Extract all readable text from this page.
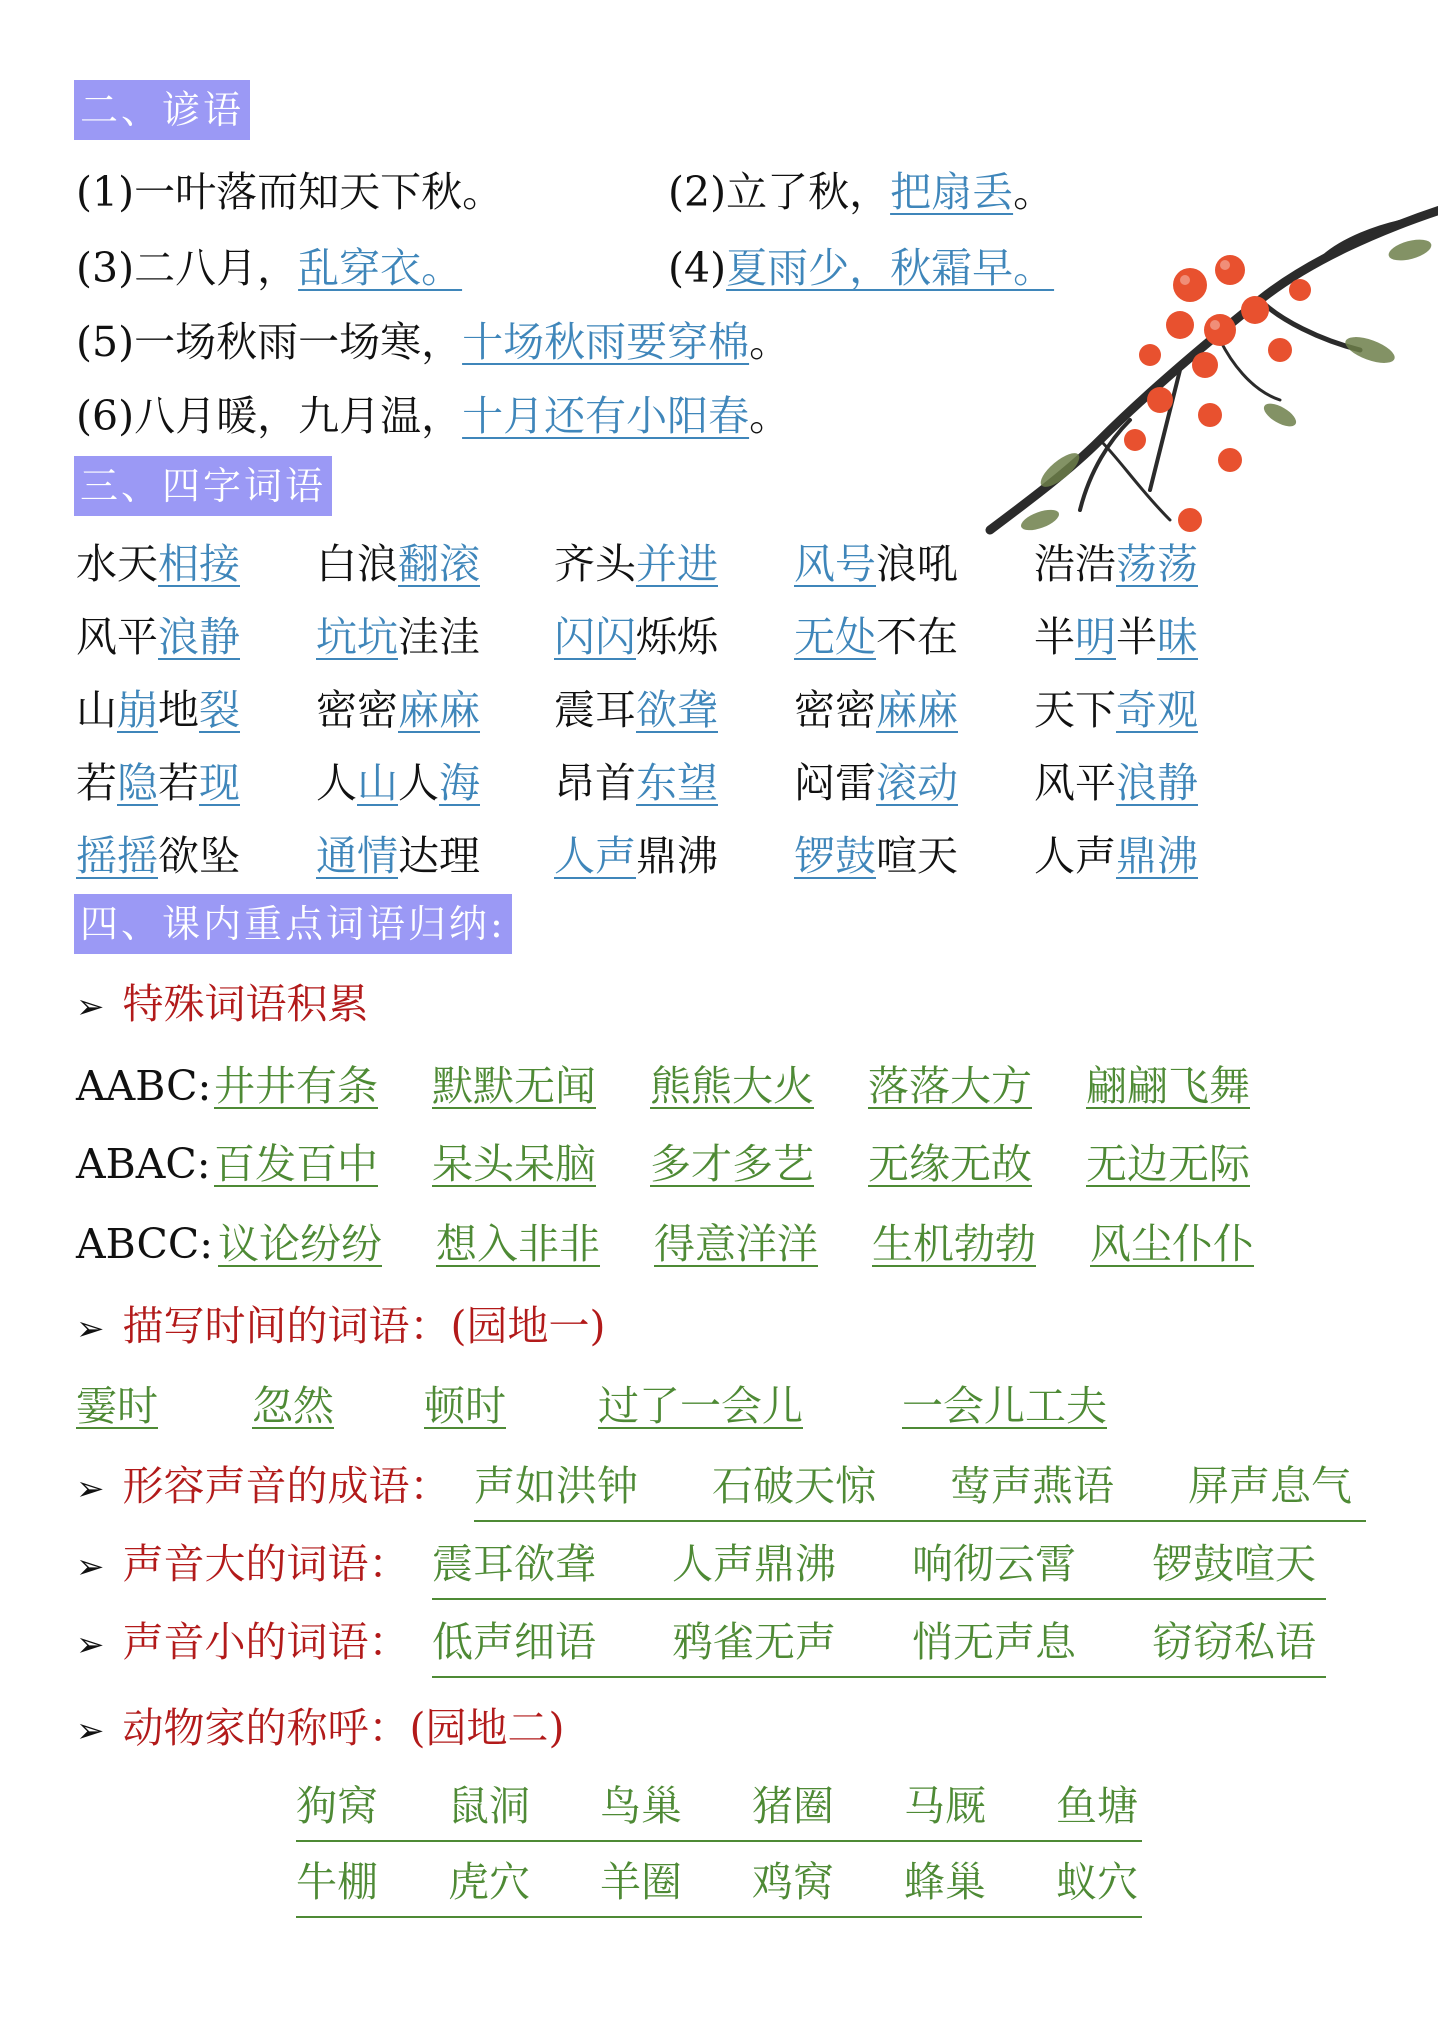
二、谚语
(1)一叶落而知天下秋。	(2)立了秋，把扇丢。
(3)二八月，乱穿衣。	(4)夏雨少，秋霜早。
(5)一场秋雨一场寒，十场秋雨要穿棉。
(6)八月暖，九月温，十月还有小阳春。
三、四字词语
水天相接 白浪翻滚 齐头并进 风号浪吼 浩浩荡荡
风平浪静 坑坑洼洼 闪闪烁烁 无处不在 半明半昧
山崩地裂 密密麻麻 震耳欲聋 密密麻麻 天下奇观
若隐若现 人山人海 昂首东望 闷雷滚动 风平浪静
摇摇欲坠 通情达理 人声鼎沸 锣鼓喧天 人声鼎沸
四、课内重点词语归纳:
➢ 特殊词语积累
AABC: 井井有条 默默无闻 熊熊大火 落落大方 翩翩飞舞
ABAC: 百发百中 呆头呆脑 多才多艺 无缘无故 无边无际
ABCC: 议论纷纷 想入非非 得意洋洋 生机勃勃 风尘仆仆
➢ 描写时间的词语：(园地一)
霎时 忽然 顿时 过了一会儿 一会儿工夫
➢ 形容声音的成语： 声如洪钟 石破天惊 莺声燕语 屏声息气
➢ 声音大的词语： 震耳欲聋 人声鼎沸 响彻云霄 锣鼓喧天
➢ 声音小的词语： 低声细语 鸦雀无声 悄无声息 窃窃私语
➢ 动物家的称呼：(园地二)
狗窝 鼠洞 鸟巢 猪圈 马厩 鱼塘
牛棚 虎穴 羊圈 鸡窝 蜂巢 蚁穴
